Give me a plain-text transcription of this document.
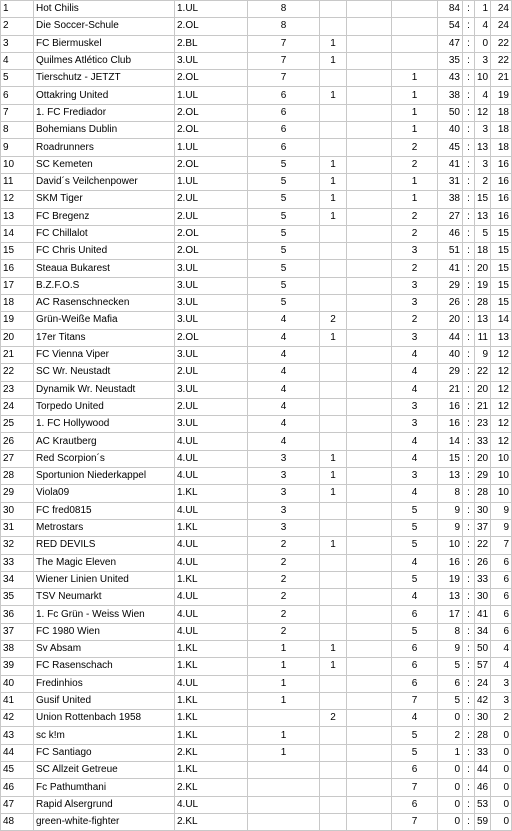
1	Hot Chilis	1.UL	8				84	:	1	24
2	Die Soccer-Schule	2.OL	8				54	:	4	24
3	FC Biermuskel	2.BL	7	1			47	:	0	22
4	Quilmes Atlético Club	3.UL	7	1			35	:	3	22
5	Tierschutz - JETZT	2.OL	7			1	43	:	10	21
6	Ottakring United	1.UL	6	1		1	38	:	4	19
7	1. FC Frediador	2.OL	6			1	50	:	12	18
8	Bohemians Dublin	2.OL	6			1	40	:	3	18
9	Roadrunners	1.UL	6			2	45	:	13	18
10	SC Kemeten	2.OL	5	1		2	41	:	3	16
11	David´s Veilchenpower	1.UL	5	1		1	31	:	2	16
12	SKM Tiger	2.UL	5	1		1	38	:	15	16
13	FC Bregenz	2.UL	5	1		2	27	:	13	16
14	FC Chillalot	2.OL	5			2	46	:	5	15
15	FC Chris United	2.OL	5			3	51	:	18	15
16	Steaua Bukarest	3.UL	5			2	41	:	20	15
17	B.Z.F.O.S	3.UL	5			3	29	:	19	15
18	AC Rasenschnecken	3.UL	5			3	26	:	28	15
19	Grün-Weiße Mafia	3.UL	4	2		2	20	:	13	14
20	17er Titans	2.OL	4	1		3	44	:	11	13
21	FC Vienna Viper	3.UL	4			4	40	:	9	12
22	SC Wr. Neustadt	2.UL	4			4	29	:	22	12
23	Dynamik Wr. Neustadt	3.UL	4			4	21	:	20	12
24	Torpedo United	2.UL	4			3	16	:	21	12
25	1. FC Hollywood	3.UL	4			3	16	:	23	12
26	AC Krautberg	4.UL	4			4	14	:	33	12
27	Red Scorpion´s	4.UL	3	1		4	15	:	20	10
28	Sportunion Niederkappel	4.UL	3	1		3	13	:	29	10
29	Viola09	1.KL	3	1		4	8	:	28	10
30	FC fred0815	4.UL	3			5	9	:	30	9
31	Metrostars	1.KL	3			5	9	:	37	9
32	RED DEVILS	4.UL	2	1		5	10	:	22	7
33	The Magic Eleven	4.UL	2			4	16	:	26	6
34	Wiener Linien United	1.KL	2			5	19	:	33	6
35	TSV Neumarkt	4.UL	2			4	13	:	30	6
36	1. Fc Grün - Weiss Wien	4.UL	2			6	17	:	41	6
37	FC 1980 Wien	4.UL	2			5	8	:	34	6
38	Sv Absam	1.KL	1	1		6	9	:	50	4
39	FC Rasenschach	1.KL	1	1		6	5	:	57	4
40	Fredinhios	4.UL	1			6	6	:	24	3
41	Gusif United	1.KL	1			7	5	:	42	3
42	Union Rottenbach 1958	1.KL		2		4	0	:	30	2
43	sc k!m	1.KL	1			5	2	:	28	0
44	FC Santiago	2.KL	1			5	1	:	33	0
45	SC Allzeit Getreue	1.KL				6	0	:	44	0
46	Fc Pathumthani	2.KL				7	0	:	46	0
47	Rapid Alsergrund	4.UL				6	0	:	53	0
48	green-white-fighter	2.KL				7	0	:	59	0
